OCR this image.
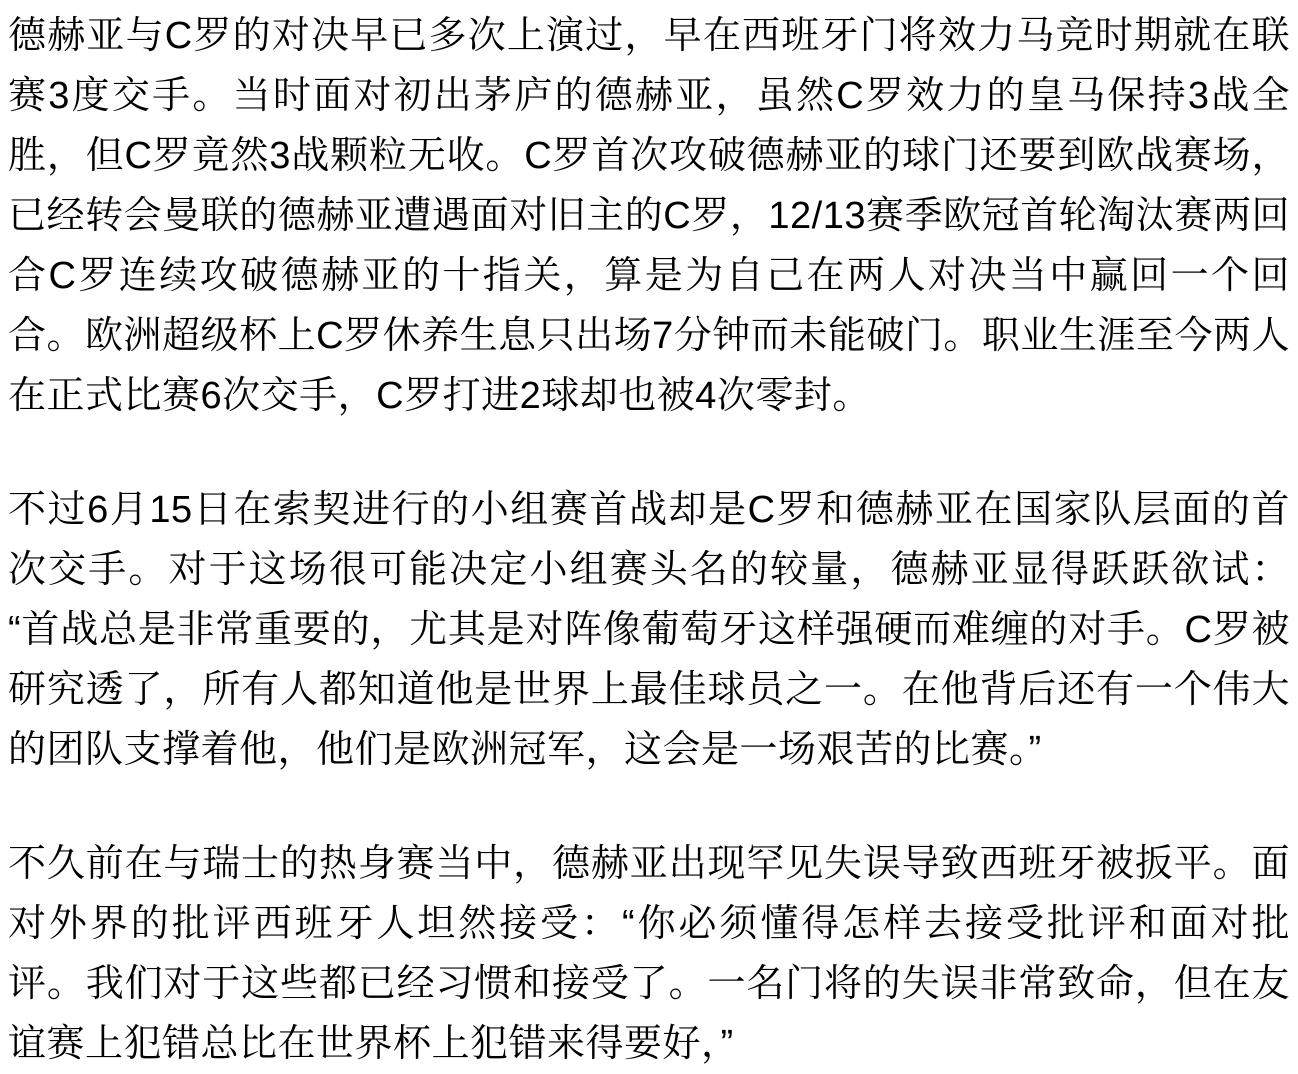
德赫亚与C罗的对决早已多次上演过，早在西班牙门将效力马竞时期就在联赛3度交手。当时面对初出茅庐的德赫亚，虽然C罗效力的皇马保持3战全胜，但C罗竟然3战颗粒无收。C罗首次攻破德赫亚的球门还要到欧战赛场，已经转会曼联的德赫亚遭遇面对旧主的C罗，12/13赛季欧冠首轮淘汰赛两回合C罗连续攻破德赫亚的十指关，算是为自己在两人对决当中赢回一个回合。欧洲超级杯上C罗休养生息只出场7分钟而未能破门。职业生涯至今两人在正式比赛6次交手，C罗打进2球却也被4次零封。

不过6月15日在索契进行的小组赛首战却是C罗和德赫亚在国家队层面的首次交手。对于这场很可能决定小组赛头名的较量，德赫亚显得跃跃欲试：“首战总是非常重要的，尤其是对阵像葡萄牙这样强硬而难缠的对手。C罗被研究透了，所有人都知道他是世界上最佳球员之一。在他背后还有一个伟大的团队支撑着他，他们是欧洲冠军，这会是一场艰苦的比赛。”

不久前在与瑞士的热身赛当中，德赫亚出现罕见失误导致西班牙被扳平。面对外界的批评西班牙人坦然接受：“你必须懂得怎样去接受批评和面对批评。我们对于这些都已经习惯和接受了。一名门将的失误非常致命，但在友谊赛上犯错总比在世界杯上犯错来得要好，”
